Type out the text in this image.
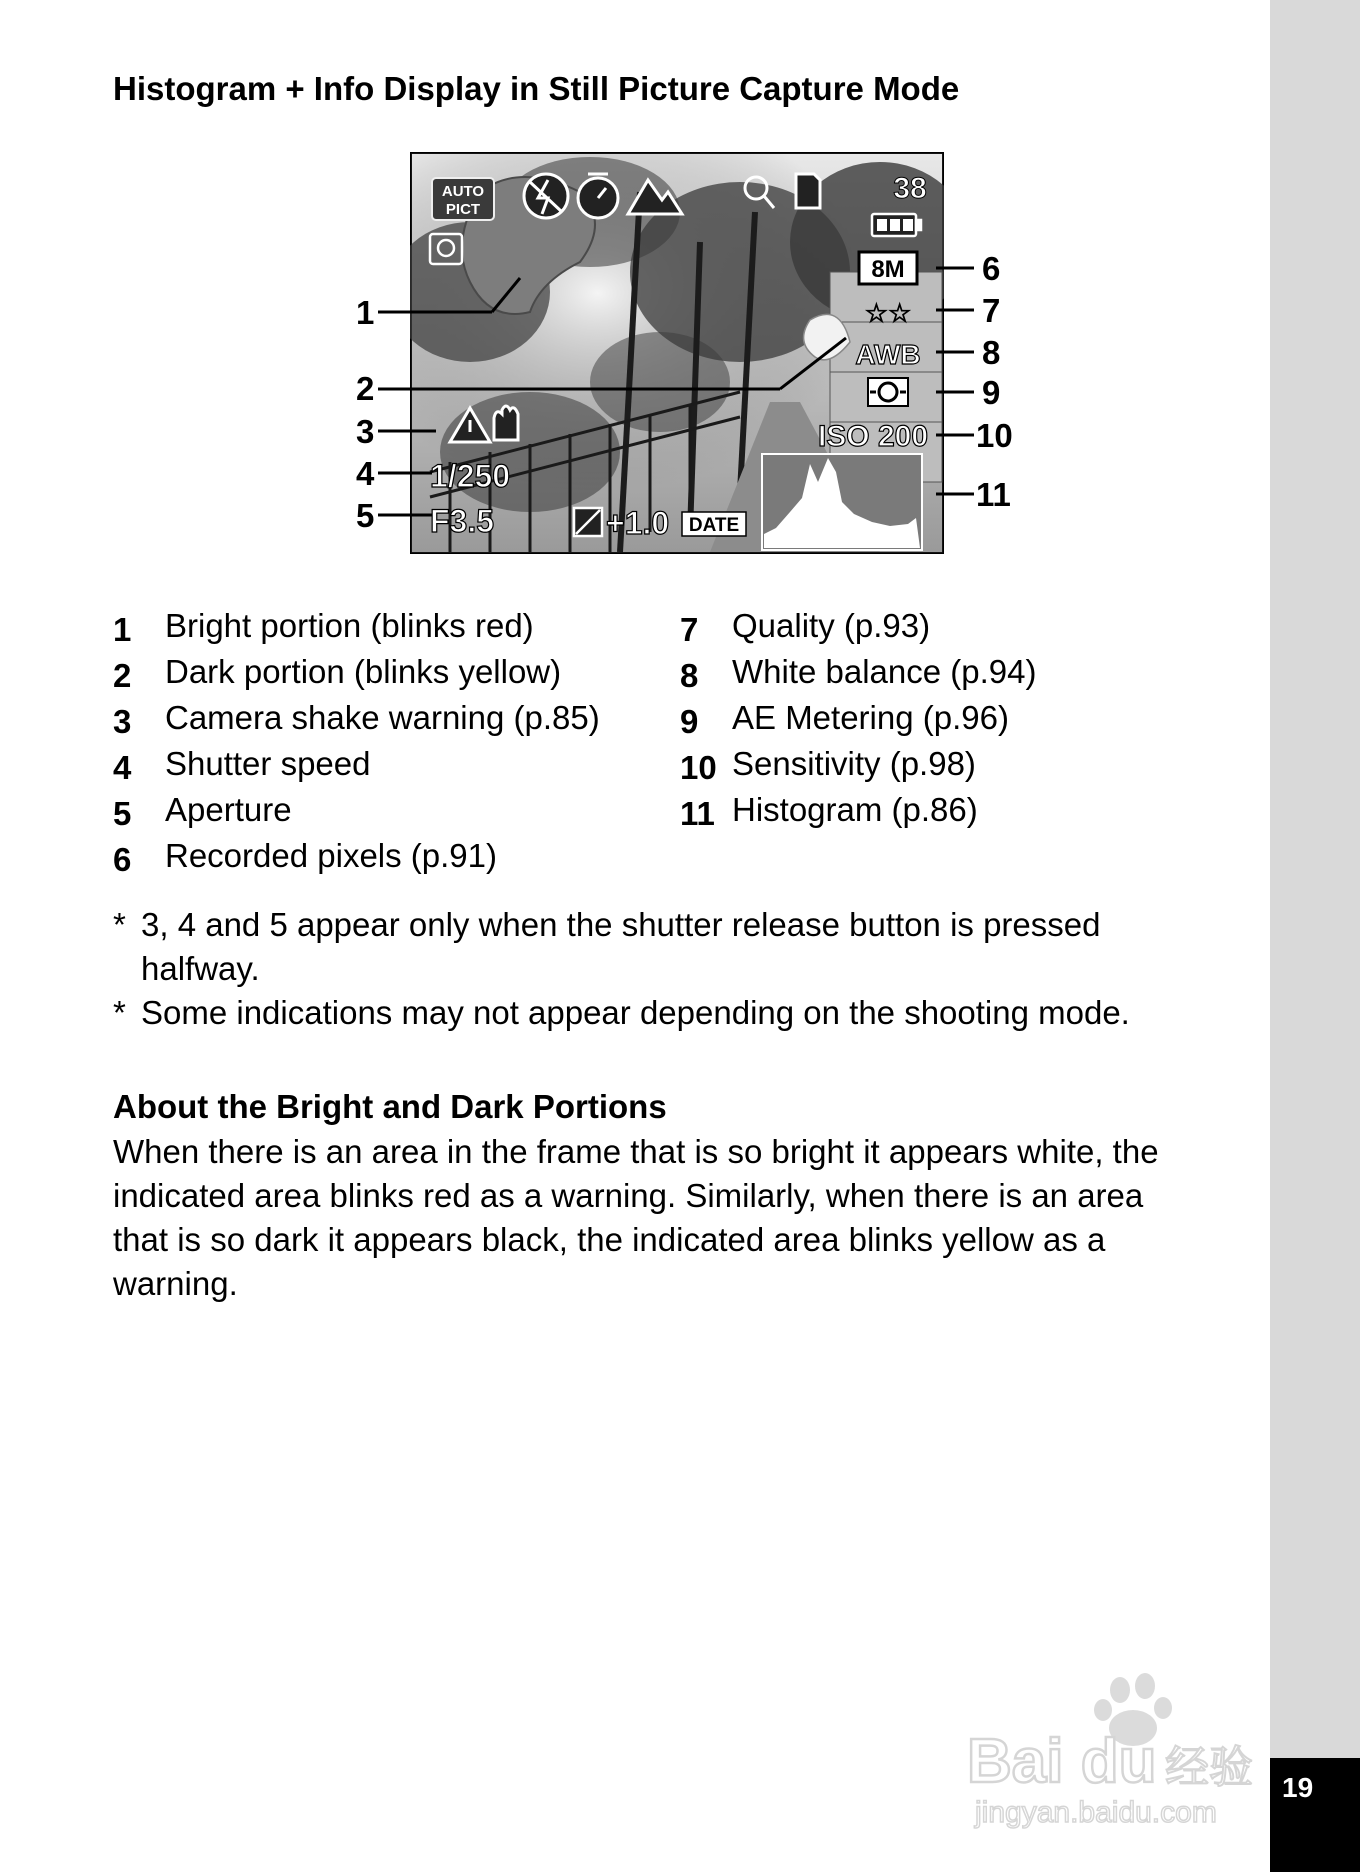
19
Histogram + Info Display in Still Picture Capture Mode
AUTO
PICT
38
8M
☆☆
AWB
ISO 200
1/250
F3.5	+1.0 DATE
1
2
3
4
5
6
7
8
9
10
11
1 Bright portion (blinks red)
2 Dark portion (blinks yellow)
3 Camera shake warning (p.85)
4 Shutter speed
5 Aperture
6 Recorded pixels (p.91)
7 Quality (p.93)
8 White balance (p.94)
9 AE Metering (p.96)
10 Sensitivity (p.98)
11 Histogram (p.86)
* 3, 4 and 5 appear only when the shutter release button is pressed
halfway.
* Some indications may not appear depending on the shooting mode.
About the Bright and Dark Portions
When there is an area in the frame that is so bright it appears white, the
indicated area blinks red as a warning. Similarly, when there is an area
that is so dark it appears black, the indicated area blinks yellow as a
warning.
Bai du 经验
jingyan.baidu.com
